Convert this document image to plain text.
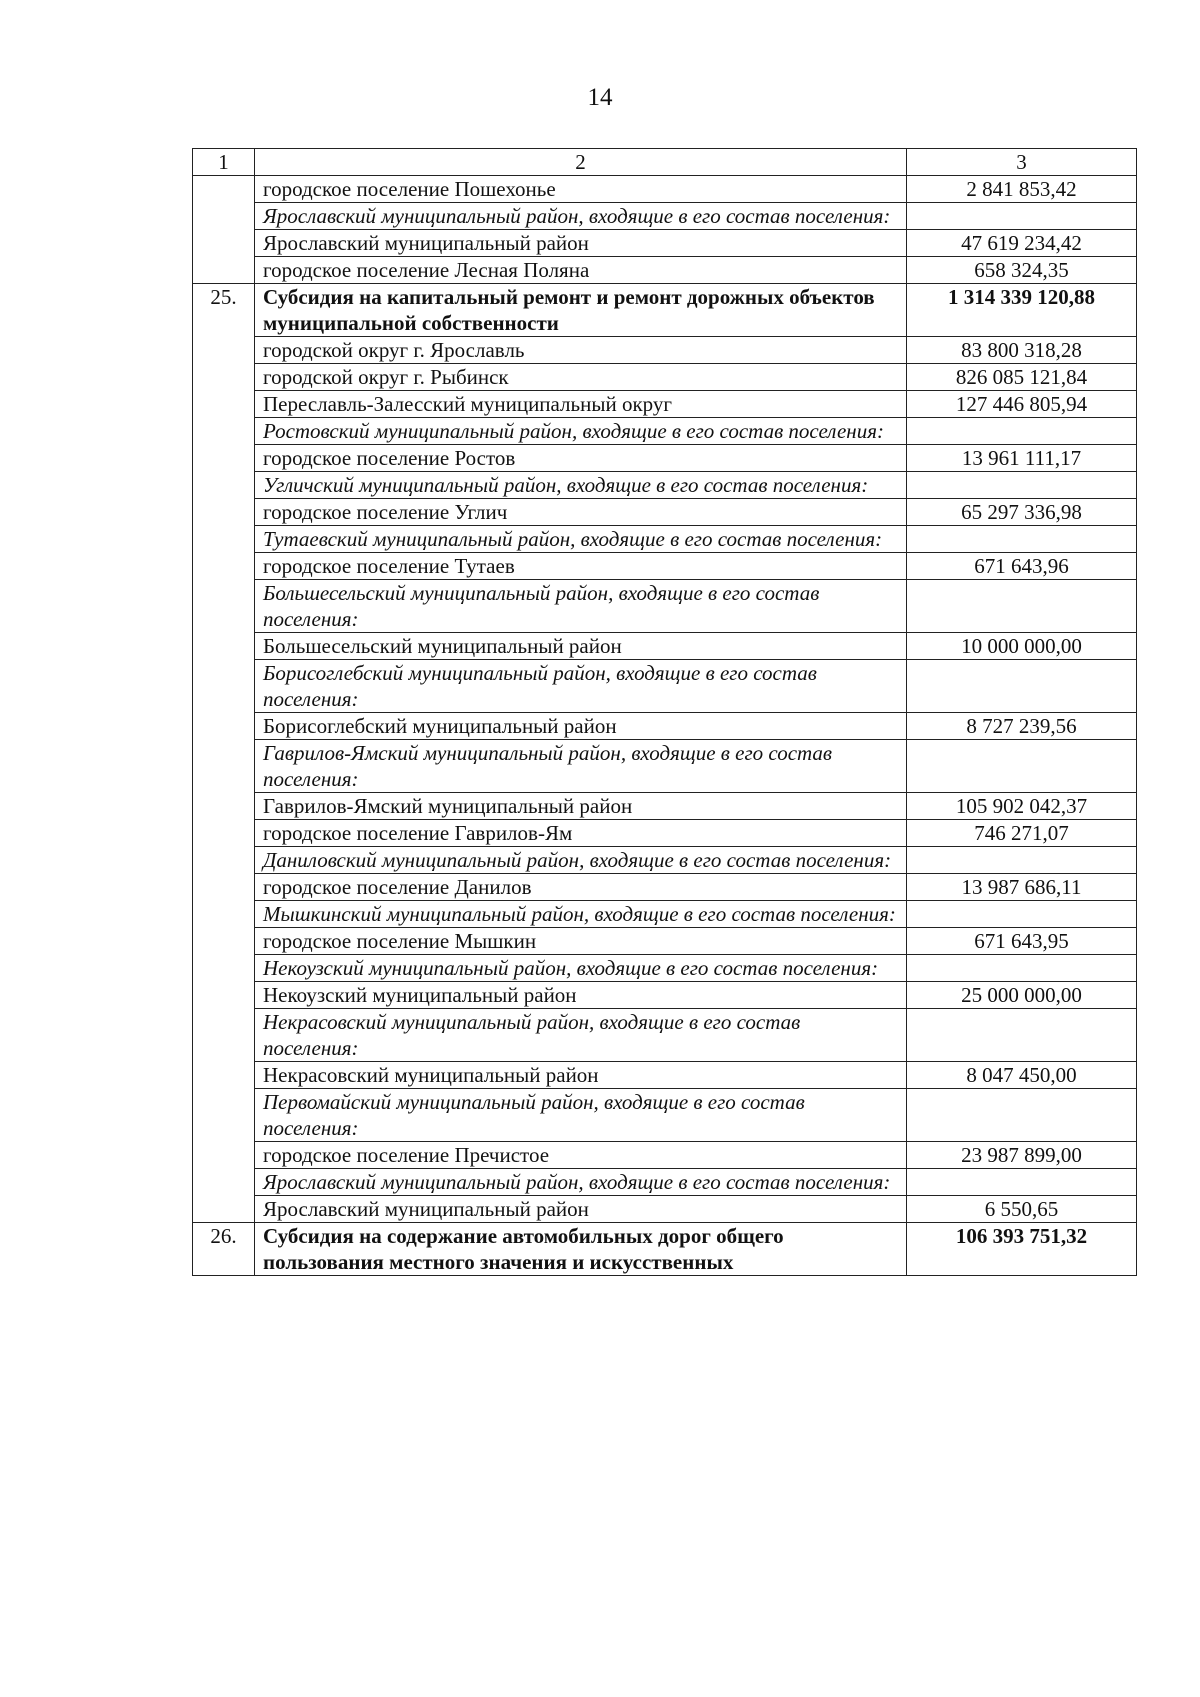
14
1	2	3
	городское поселение Пошехонье	2 841 853,42
	Ярославский муниципальный район, входящие в его состав поселения:	
	Ярославский муниципальный район	47 619 234,42
	городское поселение Лесная Поляна	658 324,35
25.	Субсидия на капитальный ремонт и ремонт дорожных объектов муниципальной собственности	1 314 339 120,88
	городской округ г. Ярославль	83 800 318,28
	городской округ г. Рыбинск	826 085 121,84
	Переславль-Залесский муниципальный округ	127 446 805,94
	Ростовский муниципальный район, входящие в его состав поселения:	
	городское поселение Ростов	13 961 111,17
	Угличский муниципальный район, входящие в его состав поселения:	
	городское поселение Углич	65 297 336,98
	Тутаевский муниципальный район, входящие в его состав поселения:	
	городское поселение Тутаев	671 643,96
	Большесельский муниципальный район, входящие в его состав поселения:	
	Большесельский муниципальный район	10 000 000,00
	Борисоглебский муниципальный район, входящие в его состав поселения:	
	Борисоглебский муниципальный район	8 727 239,56
	Гаврилов-Ямский муниципальный район, входящие в его состав поселения:	
	Гаврилов-Ямский муниципальный район	105 902 042,37
	городское поселение Гаврилов-Ям	746 271,07
	Даниловский муниципальный район, входящие в его состав поселения:	
	городское поселение Данилов	13 987 686,11
	Мышкинский муниципальный район, входящие в его состав поселения:	
	городское поселение Мышкин	671 643,95
	Некоузский муниципальный район, входящие в его состав поселения:	
	Некоузский муниципальный район	25 000 000,00
	Некрасовский муниципальный район, входящие в его состав поселения:	
	Некрасовский муниципальный район	8 047 450,00
	Первомайский муниципальный район, входящие в его состав поселения:	
	городское поселение Пречистое	23 987 899,00
	Ярославский муниципальный район, входящие в его состав поселения:	
	Ярославский муниципальный район	6 550,65
26.	Субсидия на содержание автомобильных дорог общего пользования местного значения и искусственных	106 393 751,32
